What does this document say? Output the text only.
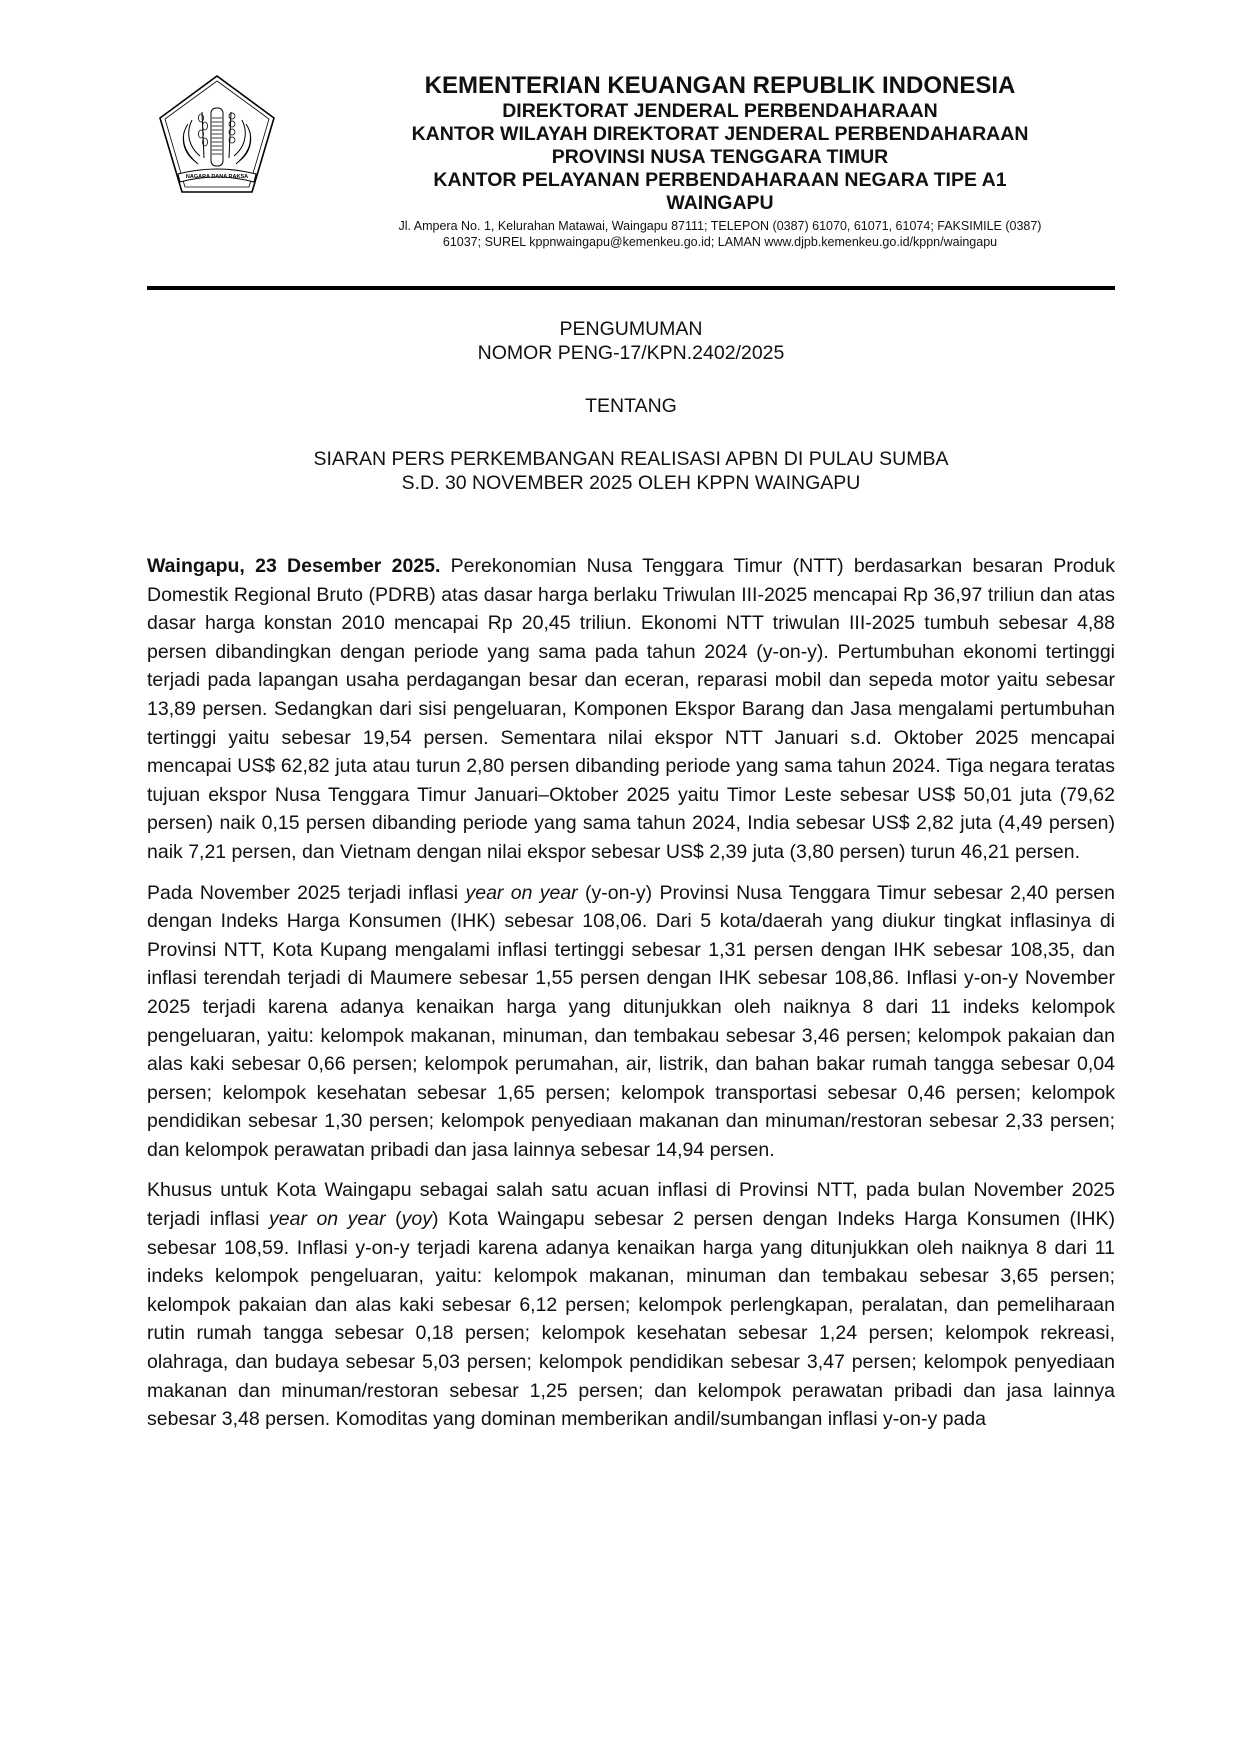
NAGARA DANA RAKSA
KEMENTERIAN KEUANGAN REPUBLIK INDONESIA
DIREKTORAT JENDERAL PERBENDAHARAAN
KANTOR WILAYAH DIREKTORAT JENDERAL PERBENDAHARAAN
PROVINSI NUSA TENGGARA TIMUR
KANTOR PELAYANAN PERBENDAHARAAN NEGARA TIPE A1
WAINGAPU
Jl. Ampera No. 1, Kelurahan Matawai, Waingapu 87111; TELEPON (0387) 61070, 61071, 61074; FAKSIMILE (0387)
61037; SUREL kppnwaingapu@kemenkeu.go.id; LAMAN www.djpb.kemenkeu.go.id/kppn/waingapu
PENGUMUMAN
NOMOR PENG-17/KPN.2402/2025
TENTANG
SIARAN PERS PERKEMBANGAN REALISASI APBN DI PULAU SUMBA
S.D. 30 NOVEMBER 2025 OLEH KPPN WAINGAPU

Waingapu, 23 Desember 2025. Perekonomian Nusa Tenggara Timur (NTT) berdasarkan besaran Produk Domestik Regional Bruto (PDRB) atas dasar harga berlaku Triwulan III-2025 mencapai Rp 36,97 triliun dan atas dasar harga konstan 2010 mencapai Rp 20,45 triliun. Ekonomi NTT triwulan III-2025 tumbuh sebesar 4,88 persen dibandingkan dengan periode yang sama pada tahun 2024 (y-on-y). Pertumbuhan ekonomi tertinggi terjadi pada lapangan usaha perdagangan besar dan eceran, reparasi mobil dan sepeda motor yaitu sebesar 13,89 persen. Sedangkan dari sisi pengeluaran, Komponen Ekspor Barang dan Jasa mengalami pertumbuhan tertinggi yaitu sebesar 19,54 persen. Sementara nilai ekspor NTT Januari s.d. Oktober 2025 mencapai mencapai US$ 62,82 juta atau turun 2,80 persen dibanding periode yang sama tahun 2024. Tiga negara teratas tujuan ekspor Nusa Tenggara Timur Januari–Oktober 2025 yaitu Timor Leste sebesar US$ 50,01 juta (79,62 persen) naik 0,15 persen dibanding periode yang sama tahun 2024, India sebesar US$ 2,82 juta (4,49 persen) naik 7,21 persen, dan Vietnam dengan nilai ekspor sebesar US$ 2,39 juta (3,80 persen) turun 46,21 persen.

Pada November 2025 terjadi inflasi year on year (y-on-y) Provinsi Nusa Tenggara Timur sebesar 2,40 persen dengan Indeks Harga Konsumen (IHK) sebesar 108,06. Dari 5 kota/daerah yang diukur tingkat inflasinya di Provinsi NTT, Kota Kupang mengalami inflasi tertinggi sebesar 1,31 persen dengan IHK sebesar 108,35, dan inflasi terendah terjadi di Maumere sebesar 1,55 persen dengan IHK sebesar 108,86. Inflasi y-on-y November 2025 terjadi karena adanya kenaikan harga yang ditunjukkan oleh naiknya 8 dari 11 indeks kelompok pengeluaran, yaitu: kelompok makanan, minuman, dan tembakau sebesar 3,46 persen; kelompok pakaian dan alas kaki sebesar 0,66 persen; kelompok perumahan, air, listrik, dan bahan bakar rumah tangga sebesar 0,04 persen; kelompok kesehatan sebesar 1,65 persen; kelompok transportasi sebesar 0,46 persen; kelompok pendidikan sebesar 1,30 persen; kelompok penyediaan makanan dan minuman/restoran sebesar 2,33 persen; dan kelompok perawatan pribadi dan jasa lainnya sebesar 14,94 persen.

Khusus untuk Kota Waingapu sebagai salah satu acuan inflasi di Provinsi NTT, pada bulan November 2025 terjadi inflasi year on year (yoy) Kota Waingapu sebesar 2 persen dengan Indeks Harga Konsumen (IHK) sebesar 108,59. Inflasi y-on-y terjadi karena adanya kenaikan harga yang ditunjukkan oleh naiknya 8 dari 11 indeks kelompok pengeluaran, yaitu: kelompok makanan, minuman dan tembakau sebesar 3,65 persen; kelompok pakaian dan alas kaki sebesar 6,12 persen; kelompok perlengkapan, peralatan, dan pemeliharaan rutin rumah tangga sebesar 0,18 persen; kelompok kesehatan sebesar 1,24 persen; kelompok rekreasi, olahraga, dan budaya sebesar 5,03 persen; kelompok pendidikan sebesar 3,47 persen; kelompok penyediaan makanan dan minuman/restoran sebesar 1,25 persen; dan kelompok perawatan pribadi dan jasa lainnya sebesar 3,48 persen. Komoditas yang dominan memberikan andil/sumbangan inflasi y-on-y pada
